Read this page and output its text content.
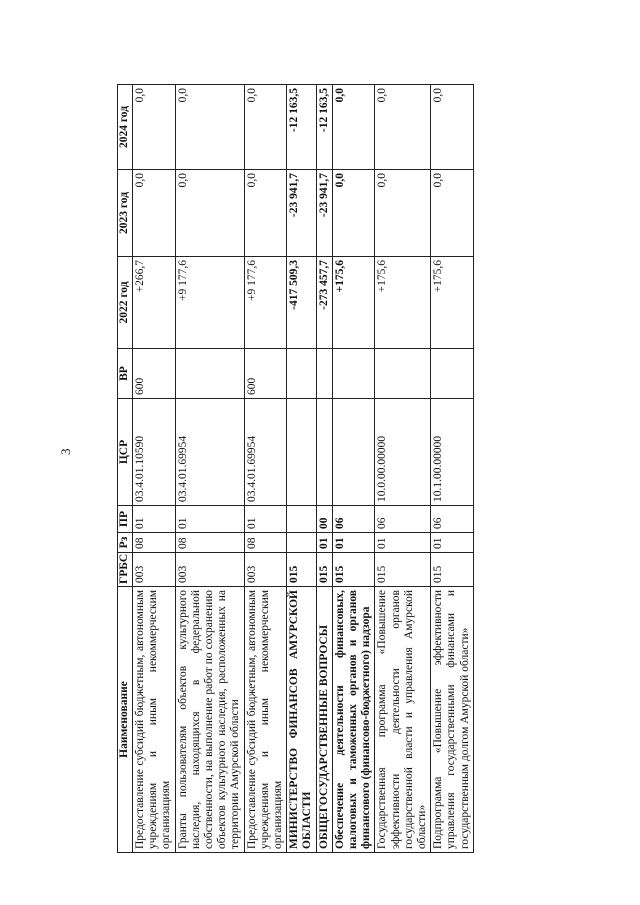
3
Наименование	ГРБС	Рз	ПР	ЦСР	ВР	2022 год	2023 год	2024 год
Предоставление субсидий бюджетным, автономным учреждениям и иным некоммерческим организациям	003	08	01	03.4.01.10590	600	+266,7	0,0	0,0
Гранты пользователям объектов культурного наследия, находящихся в федеральной собственности, на выполнение работ по сохранению объектов культурного наследия, расположенных на территории Амурской области	003	08	01	03.4.01.69954		+9 177,6	0,0	0,0
Предоставление субсидий бюджетным, автономным учреждениям и иным некоммерческим организациям	003	08	01	03.4.01.69954	600	+9 177,6	0,0	0,0
МИНИСТЕРСТВО ФИНАНСОВ АМУРСКОЙ ОБЛАСТИ	015					-417 509,3	-23 941,7	-12 163,5
ОБЩЕГОСУДАРСТВЕННЫЕ ВОПРОСЫ	015	01	00			-273 457,7	-23 941,7	-12 163,5
Обеспечение деятельности финансовых, налоговых и таможенных органов и органов финансового (финансово-бюджетного) надзора	015	01	06			+175,6	0,0	0,0
Государственная программа «Повышение эффективности деятельности органов государственной власти и управления Амурской области»	015	01	06	10.0.00.00000		+175,6	0,0	0,0
Подпрограмма «Повышение эффективности управления государственными финансами и государственным долгом Амурской области»	015	01	06	10.1.00.00000		+175,6	0,0	0,0
